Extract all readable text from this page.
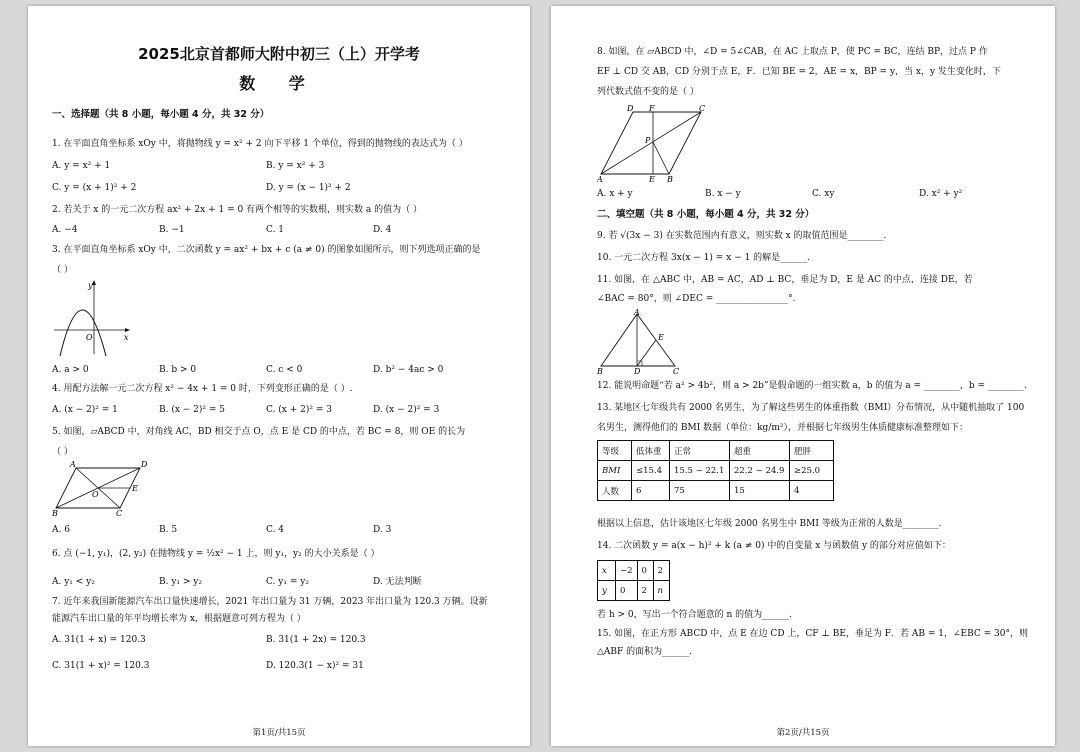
2025北京首都师大附中初三（上）开学考
数 学
一、选择题（共 8 小题，每小题 4 分，共 32 分）
1. 在平面直角坐标系 xOy 中，将抛物线 y = x² + 2 向下平移 1 个单位，得到的抛物线的表达式为（ ）
A. y = x² + 1	B. y = x² + 3
C. y = (x + 1)² + 2	D. y = (x − 1)² + 2
2. 若关于 x 的一元二次方程 ax² + 2x + 1 = 0 有两个相等的实数根，则实数 a 的值为（ ）
A. −4	B. −1	C. 1	D. 4
3. 在平面直角坐标系 xOy 中，二次函数 y = ax² + bx + c (a ≠ 0) 的图象如图所示，则下列选项正确的是
（ ）
y
O	x
A. a > 0	B. b > 0	C. c < 0	D. b² − 4ac > 0
4. 用配方法解一元二次方程 x² − 4x + 1 = 0 时，下列变形正确的是（ ）.
A. (x − 2)² = 1	B. (x − 2)² = 5	C. (x + 2)² = 3	D. (x − 2)² = 3
5. 如图，▱ABCD 中，对角线 AC，BD 相交于点 O，点 E 是 CD 的中点，若 BC = 8，则 OE 的长为
（ ）
A	D
O
E
B	C
A. 6	B. 5	C. 4	D. 3
6. 点 (−1, y₁)，(2, y₂) 在抛物线 y = ½x² − 1 上，则 y₁，y₂ 的大小关系是（ ）
A. y₁ < y₂	B. y₁ > y₂	C. y₁ = y₂	D. 无法判断
7. 近年来我国新能源汽车出口量快速增长，2021 年出口量为 31 万辆，2023 年出口量为 120.3 万辆。设新
能源汽车出口量的年平均增长率为 x，根据题意可列方程为（ ）
A. 31(1 + x) = 120.3	B. 31(1 + 2x) = 120.3
C. 31(1 + x)² = 120.3	D. 120.3(1 − x)² = 31
第1页/共15页
8. 如图，在 ▱ABCD 中，∠D = 5∠CAB，在 AC 上取点 P，使 PC = BC，连结 BP，过点 P 作
EF ⊥ CD 交 AB，CD 分别于点 E，F．已知 BE = 2，AE = x，BP = y，当 x，y 发生变化时，下
列代数式值不变的是（ ）
D F	C
P
A	E B
A. x + y	B. x − y	C. xy	D. x² + y²
二、填空题（共 8 小题，每小题 4 分，共 32 分）
9. 若 √(3x − 3) 在实数范围内有意义，则实数 x 的取值范围是________.
10. 一元二次方程 3x(x − 1) = x − 1 的解是______.
11. 如图，在 △ABC 中，AB = AC，AD ⊥ BC，垂足为 D，E 是 AC 的中点，连接 DE，若
∠BAC = 80°，则 ∠DEC = ________________°.
A
E
B	D	C
12. 能说明命题“若 a² > 4b²，则 a > 2b”是假命题的一组实数 a，b 的值为 a = ________，b = ________.
13. 某地区七年级共有 2000 名男生，为了解这些男生的体重指数（BMI）分布情况，从中随机抽取了 100
名男生，测得他们的 BMI 数据（单位：kg/m²），并根据七年级男生体质健康标准整理如下：
等级	低体重	正常	超重	肥胖
BMI	≤15.4	15.5 ~ 22.1	22.2 ~ 24.9	≥25.0
人数	6	75	15	4
根据以上信息，估计该地区七年级 2000 名男生中 BMI 等级为正常的人数是________.
14. 二次函数 y = a(x − h)² + k (a ≠ 0) 中的自变量 x 与函数值 y 的部分对应值如下：
x	−2	0	2
y	0	2	n
若 h > 0，写出一个符合题意的 n 的值为______.
15. 如图，在正方形 ABCD 中，点 E 在边 CD 上，CF ⊥ BE，垂足为 F．若 AB = 1，∠EBC = 30°，则
△ABF 的面积为______.
第2页/共15页
